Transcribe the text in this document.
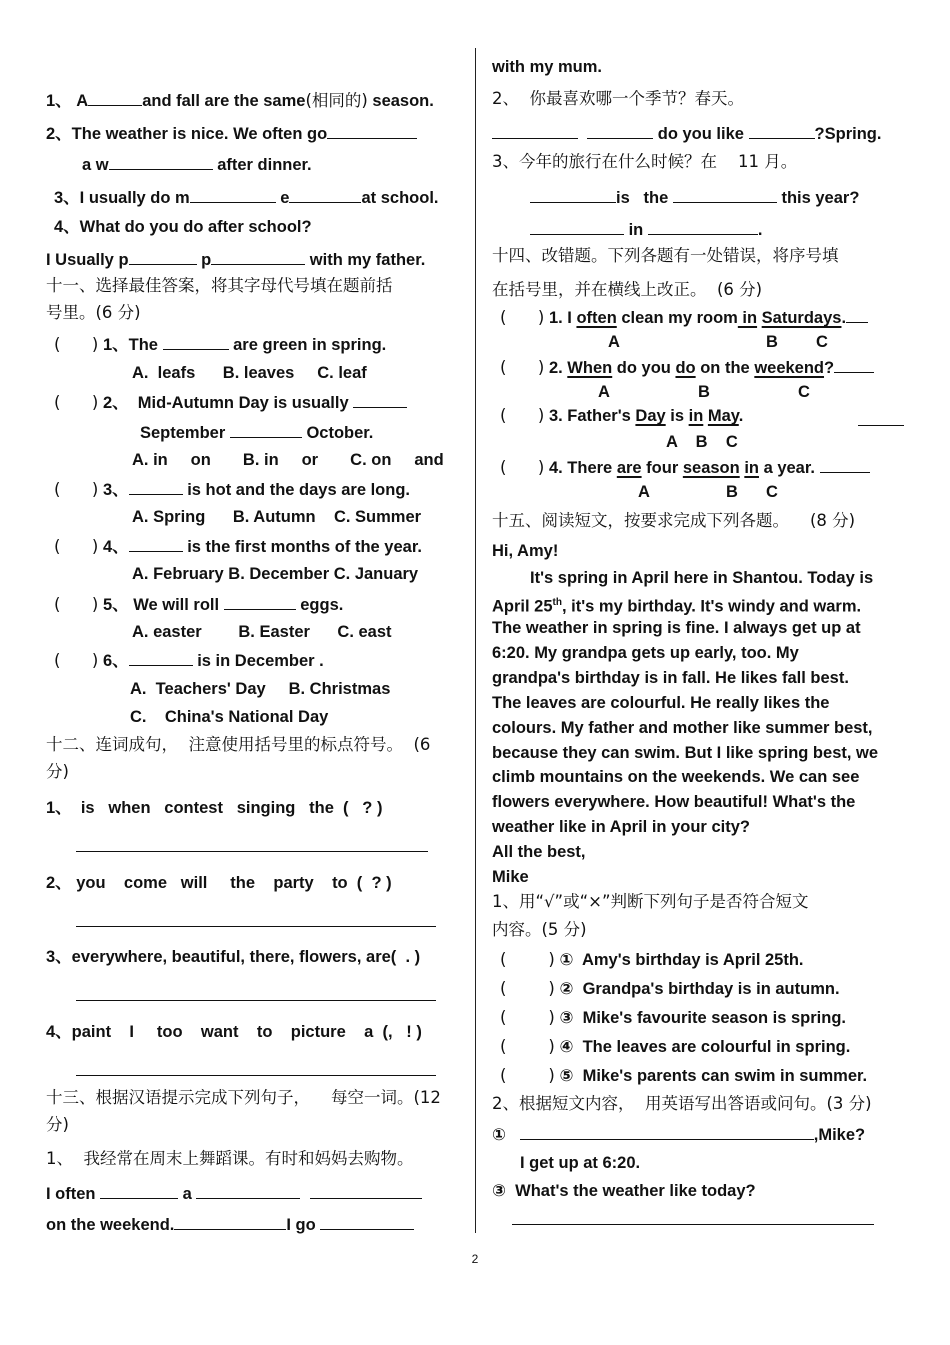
1、 A	and fall are the same(相同的) season.
2、The weather is nice. We often go
a w	after dinner.
3、I usually do m	e	at school.
4、What do you do after school?
I Usually p	p	with my father.
十一、选择最佳答案，将其字母代号填在题前括
号里。(6 分)
(      ) 1、The	are green in spring.
A.  leafs      B. leaves     C. leaf
(      ) 2、  Mid-Autumn Day is usually
September	October.
A. in     on       B. in     or       C. on     and
(      ) 3、	is hot and the days are long.
A. Spring      B. Autumn    C. Summer
(      ) 4、	is the first months of the year.
A. February B. December C. January
(      ) 5、 We will roll	eggs.
A. easter        B. Easter      C. east
(      ) 6、	is in December .
A.  Teachers' Day     B. Christmas
C.    China's National Day
十二、连词成句，  注意使用括号里的标点符号。  (6
分)
1、  is   when   contest   singing   the  (   ? )
2、 you    come   will     the    party    to  (  ? )
3、everywhere, beautiful, there, flowers, are(  . )
4、paint    I     too    want    to    picture    a  (,   ! )
十三、根据汉语提示完成下列句子，    每空一词。(12
分)
1、  我经常在周末上舞蹈课。有时和妈妈去购物。
I often	a
on the weekend.	I go
with my mum.
2、  你最喜欢哪一个季节？春天。
do you like	?Spring.
3、今年的旅行在什么时候？在    11 月。
is   the	this year?
in	.
十四、改错题。下列各题有一处错误，将序号填
在括号里，并在横线上改正。  (6 分)
(      ) 1. I often clean my room in Saturdays.
A	B C
(      ) 2. When do you do on the weekend?
A	B	C
(      ) 3. Father's Day is in May.
A    B    C
(      ) 4. There are four season in a year.
A	B C
十五、阅读短文，按要求完成下列各题。    (8 分)
Hi, Amy!
It's spring in April here in Shantou. Today is
April 25th, it's my birthday. It's windy and warm.
The weather in spring is fine. I always get up at
6:20. My grandpa gets up early, too. My
grandpa's birthday is in fall. He likes fall best.
The leaves are colourful. He really likes the
colours. My father and mother like summer best,
because they can swim. But I like spring best, we
climb mountains on the weekends. We can see
flowers everywhere. How beautiful! What's the
weather like in April in your city?
All the best,
Mike
1、用“√”或“×”判断下列句子是否符合短文
内容。(5 分)
(        ) ①  Amy's birthday is April 25th.
(        ) ②  Grandpa's birthday is in autumn.
(        ) ③  Mike's favourite season is spring.
(        ) ④  The leaves are colourful in spring.
(        ) ⑤  Mike's parents can swim in summer.
2、根据短文内容，  用英语写出答语或问句。(3 分)
①	,Mike?
I get up at 6:20.
③  What's the weather like today?
2
